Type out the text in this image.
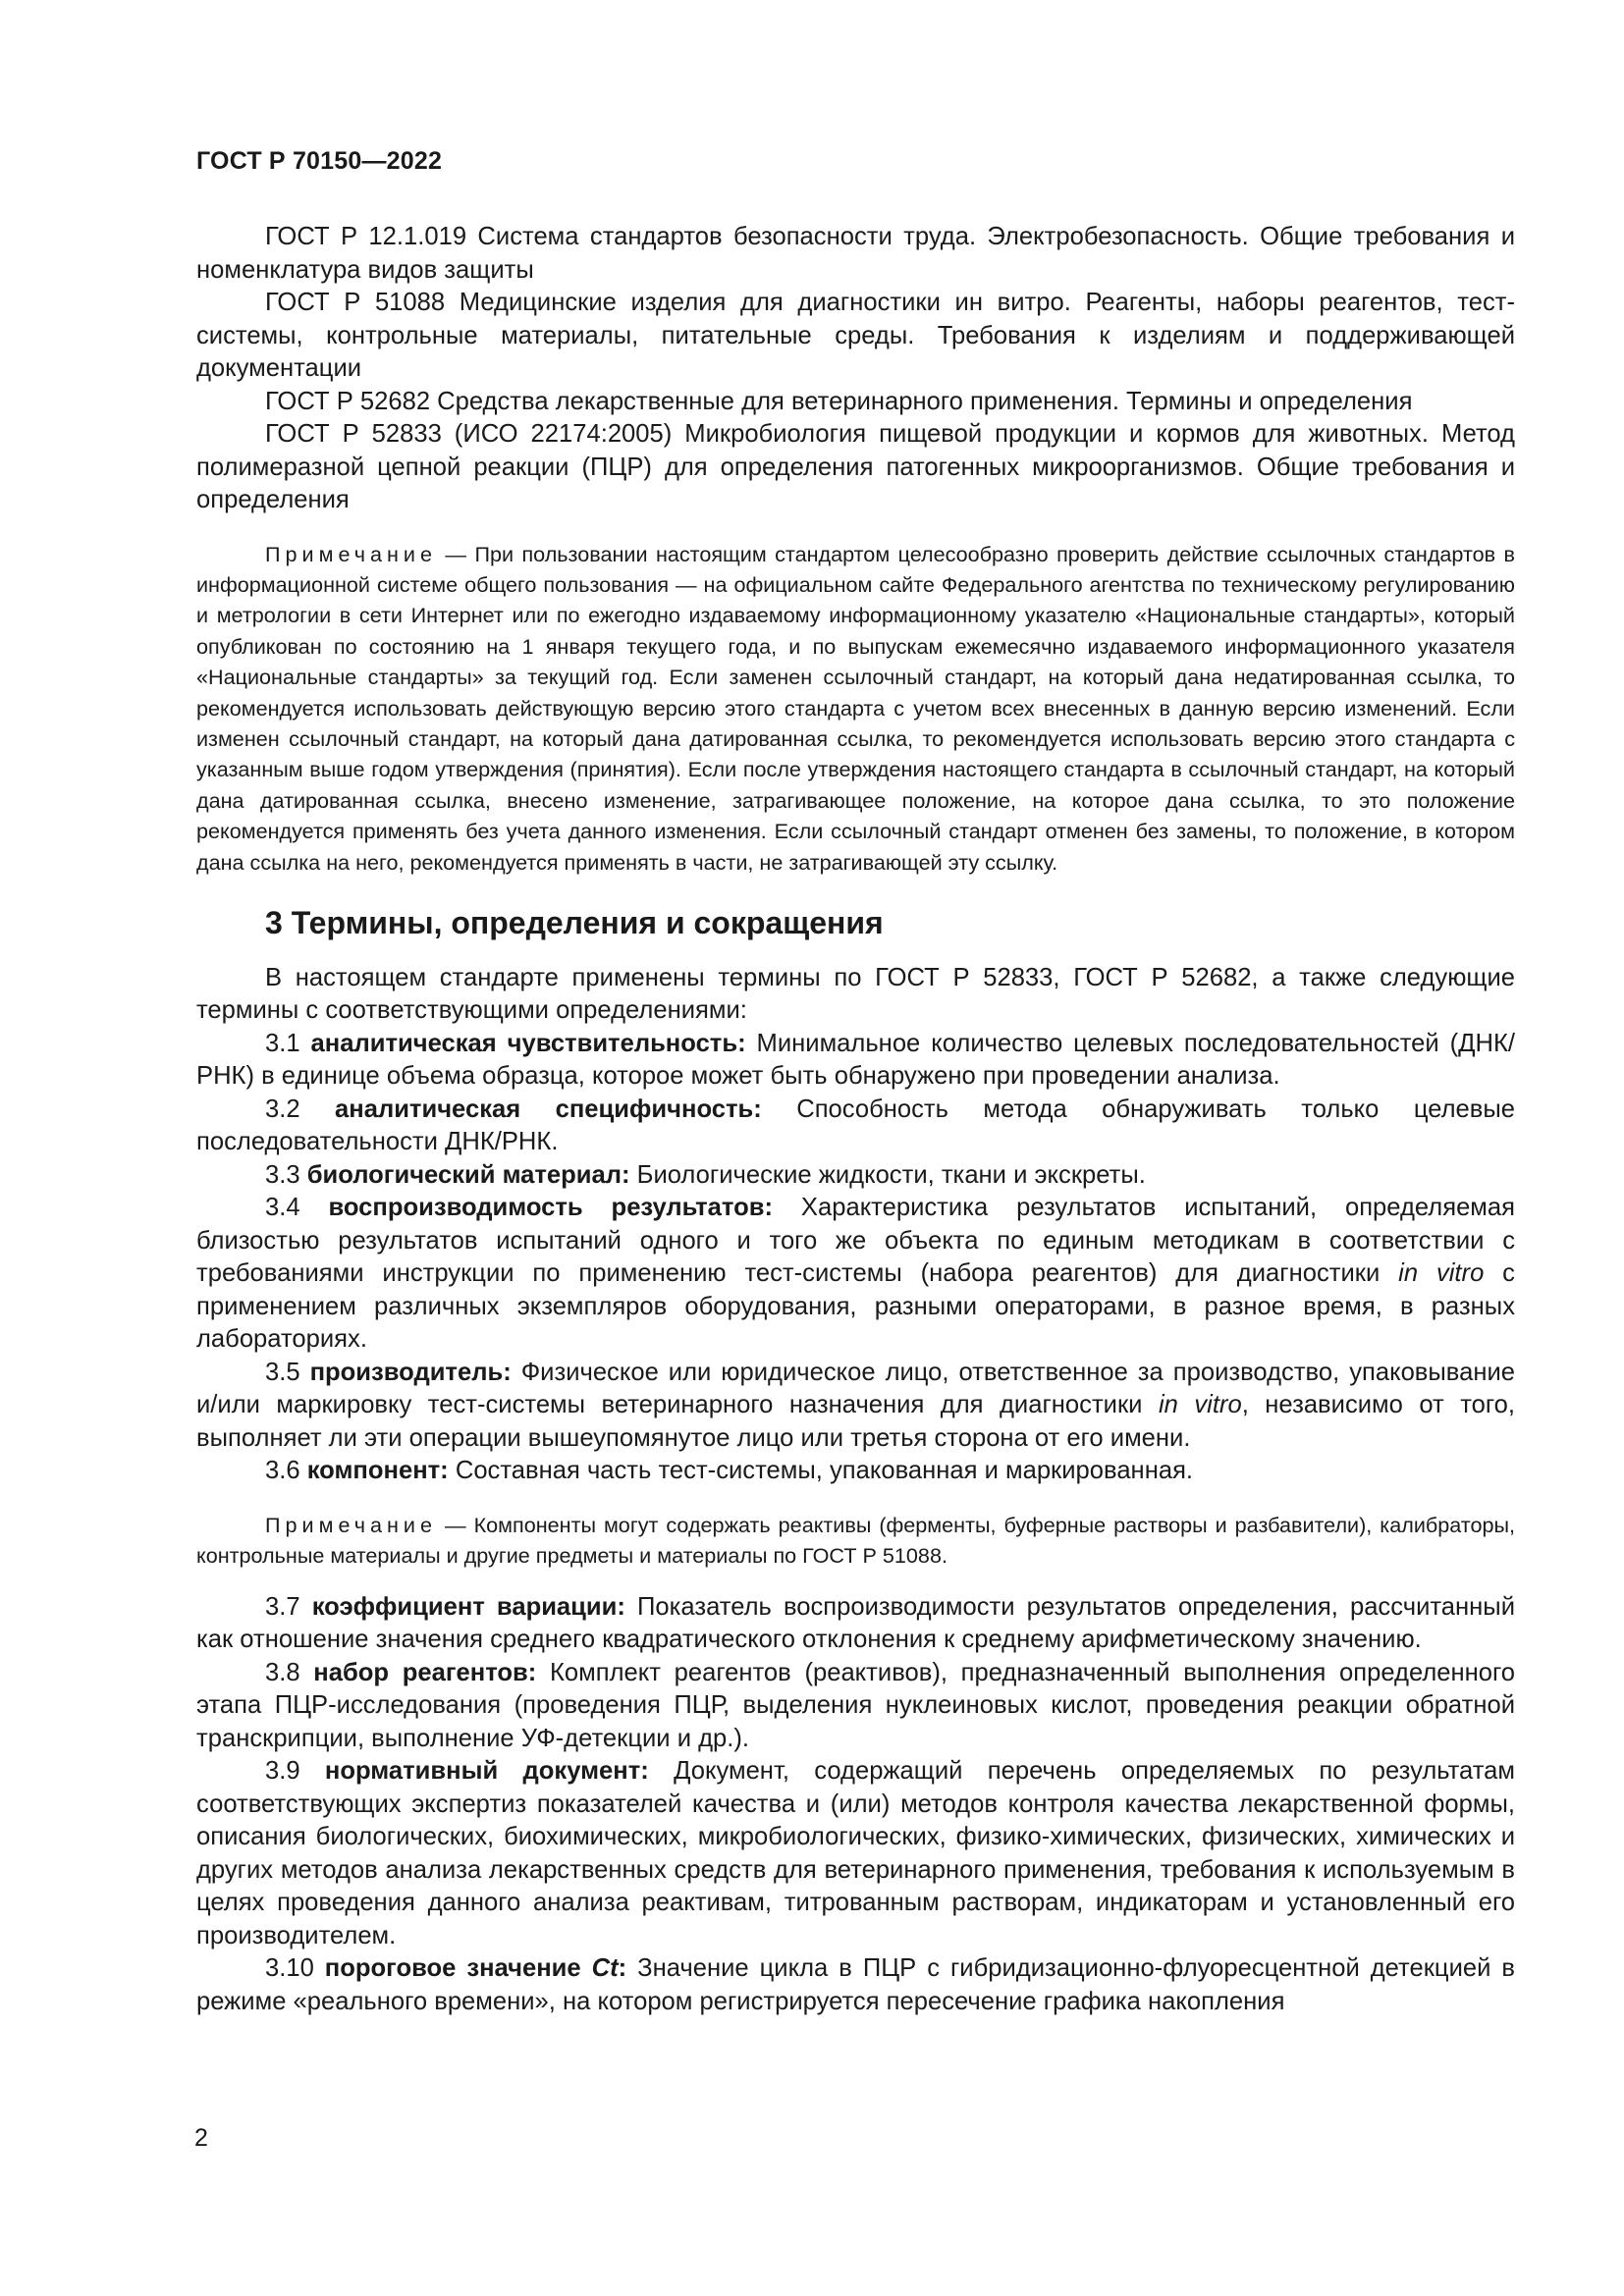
ГОСТ Р 70150—2022

ГОСТ Р 12.1.019 Система стандартов безопасности труда. Электробезопасность. Общие требования и номенклатура видов защиты

ГОСТ Р 51088 Медицинские изделия для диагностики ин витро. Реагенты, наборы реагентов, тест-системы, контрольные материалы, питательные среды. Требования к изделиям и поддерживающей документации

ГОСТ Р 52682 Средства лекарственные для ветеринарного применения. Термины и определения

ГОСТ Р 52833 (ИСО 22174:2005) Микробиология пищевой продукции и кормов для животных. Метод полимеразной цепной реакции (ПЦР) для определения патогенных микроорганизмов. Общие требования и определения

Примечание — При пользовании настоящим стандартом целесообразно проверить действие ссылочных стандартов в информационной системе общего пользования — на официальном сайте Федерального агентства по техническому регулированию и метрологии в сети Интернет или по ежегодно издаваемому информационному указателю «Национальные стандарты», который опубликован по состоянию на 1 января текущего года, и по выпускам ежемесячно издаваемого информационного указателя «Национальные стандарты» за текущий год. Если заменен ссылочный стандарт, на который дана недатированная ссылка, то рекомендуется использовать действующую версию этого стандарта с учетом всех внесенных в данную версию изменений. Если изменен ссылочный стандарт, на который дана датированная ссылка, то рекомендуется использовать версию этого стандарта с указанным выше годом утверждения (принятия). Если после утверждения настоящего стандарта в ссылочный стандарт, на который дана датированная ссылка, внесено изменение, затрагивающее положение, на которое дана ссылка, то это положение рекомендуется применять без учета данного изменения. Если ссылочный стандарт отменен без замены, то положение, в котором дана ссылка на него, рекомендуется применять в части, не затрагивающей эту ссылку.
3 Термины, определения и сокращения

В настоящем стандарте применены термины по ГОСТ Р 52833, ГОСТ Р 52682, а также следующие термины с соответствующими определениями:

3.1 аналитическая чувствительность: Минимальное количество целевых последовательностей (ДНК/РНК) в единице объема образца, которое может быть обнаружено при проведении анализа.

3.2 аналитическая специфичность: Способность метода обнаруживать только целевые последовательности ДНК/РНК.

3.3 биологический материал: Биологические жидкости, ткани и экскреты.

3.4 воспроизводимость результатов: Характеристика результатов испытаний, определяемая близостью результатов испытаний одного и того же объекта по единым методикам в соответствии с требованиями инструкции по применению тест-системы (набора реагентов) для диагностики in vitro с применением различных экземпляров оборудования, разными операторами, в разное время, в разных лабораториях.

3.5 производитель: Физическое или юридическое лицо, ответственное за производство, упаковывание и/или маркировку тест-системы ветеринарного назначения для диагностики in vitro, независимо от того, выполняет ли эти операции вышеупомянутое лицо или третья сторона от его имени.

3.6 компонент: Составная часть тест-системы, упакованная и маркированная.

Примечание — Компоненты могут содержать реактивы (ферменты, буферные растворы и разбавители), калибраторы, контрольные материалы и другие предметы и материалы по ГОСТ Р 51088.

3.7 коэффициент вариации: Показатель воспроизводимости результатов определения, рассчитанный как отношение значения среднего квадратического отклонения к среднему арифметическому значению.

3.8 набор реагентов: Комплект реагентов (реактивов), предназначенный выполнения определенного этапа ПЦР-исследования (проведения ПЦР, выделения нуклеиновых кислот, проведения реакции обратной транскрипции, выполнение УФ-детекции и др.).

3.9 нормативный документ: Документ, содержащий перечень определяемых по результатам соответствующих экспертиз показателей качества и (или) методов контроля качества лекарственной формы, описания биологических, биохимических, микробиологических, физико-химических, физических, химических и других методов анализа лекарственных средств для ветеринарного применения, требования к используемым в целях проведения данного анализа реактивам, титрованным растворам, индикаторам и установленный его производителем.

3.10 пороговое значение Ct: Значение цикла в ПЦР с гибридизационно-флуоресцентной детекцией в режиме «реального времени», на котором регистрируется пересечение графика накопления

2
